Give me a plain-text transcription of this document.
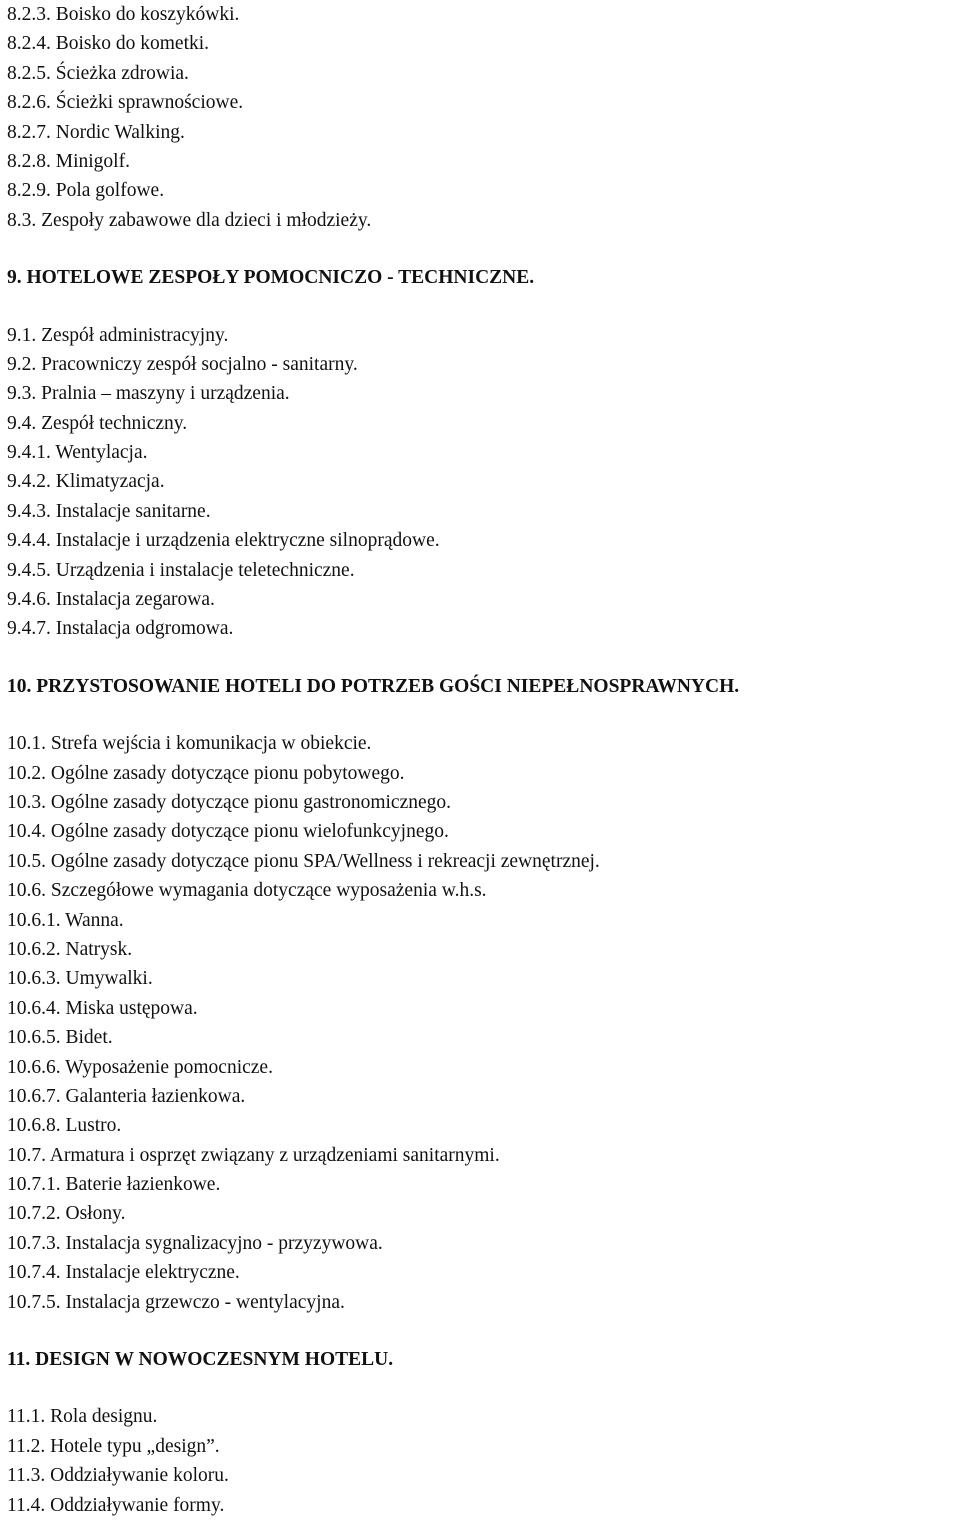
8.2.3. Boisko do koszykówki.
8.2.4. Boisko do kometki.
8.2.5. Ścieżka zdrowia.
8.2.6. Ścieżki sprawnościowe.
8.2.7. Nordic Walking.
8.2.8. Minigolf.
8.2.9. Pola golfowe.
8.3. Zespoły zabawowe dla dzieci i młodzieży.
9. HOTELOWE ZESPOŁY POMOCNICZO - TECHNICZNE.
9.1. Zespół administracyjny.
9.2. Pracowniczy zespół socjalno - sanitarny.
9.3. Pralnia – maszyny i urządzenia.
9.4. Zespół techniczny.
9.4.1. Wentylacja.
9.4.2. Klimatyzacja.
9.4.3. Instalacje sanitarne.
9.4.4. Instalacje i urządzenia elektryczne silnoprądowe.
9.4.5. Urządzenia i instalacje teletechniczne.
9.4.6. Instalacja zegarowa.
9.4.7. Instalacja odgromowa.
10. PRZYSTOSOWANIE HOTELI DO POTRZEB GOŚCI NIEPEŁNOSPRAWNYCH.
10.1. Strefa wejścia i komunikacja w obiekcie.
10.2. Ogólne zasady dotyczące pionu pobytowego.
10.3. Ogólne zasady dotyczące pionu gastronomicznego.
10.4. Ogólne zasady dotyczące pionu wielofunkcyjnego.
10.5. Ogólne zasady dotyczące pionu SPA/Wellness i rekreacji zewnętrznej.
10.6. Szczegółowe wymagania dotyczące wyposażenia w.h.s.
10.6.1. Wanna.
10.6.2. Natrysk.
10.6.3. Umywalki.
10.6.4. Miska ustępowa.
10.6.5. Bidet.
10.6.6. Wyposażenie pomocnicze.
10.6.7. Galanteria łazienkowa.
10.6.8. Lustro.
10.7. Armatura i osprzęt związany z urządzeniami sanitarnymi.
10.7.1. Baterie łazienkowe.
10.7.2. Osłony.
10.7.3. Instalacja sygnalizacyjno - przyzywowa.
10.7.4. Instalacje elektryczne.
10.7.5. Instalacja grzewczo - wentylacyjna.
11. DESIGN W NOWOCZESNYM HOTELU.
11.1. Rola designu.
11.2. Hotele typu „design”.
11.3. Oddziaływanie koloru.
11.4. Oddziaływanie formy.
